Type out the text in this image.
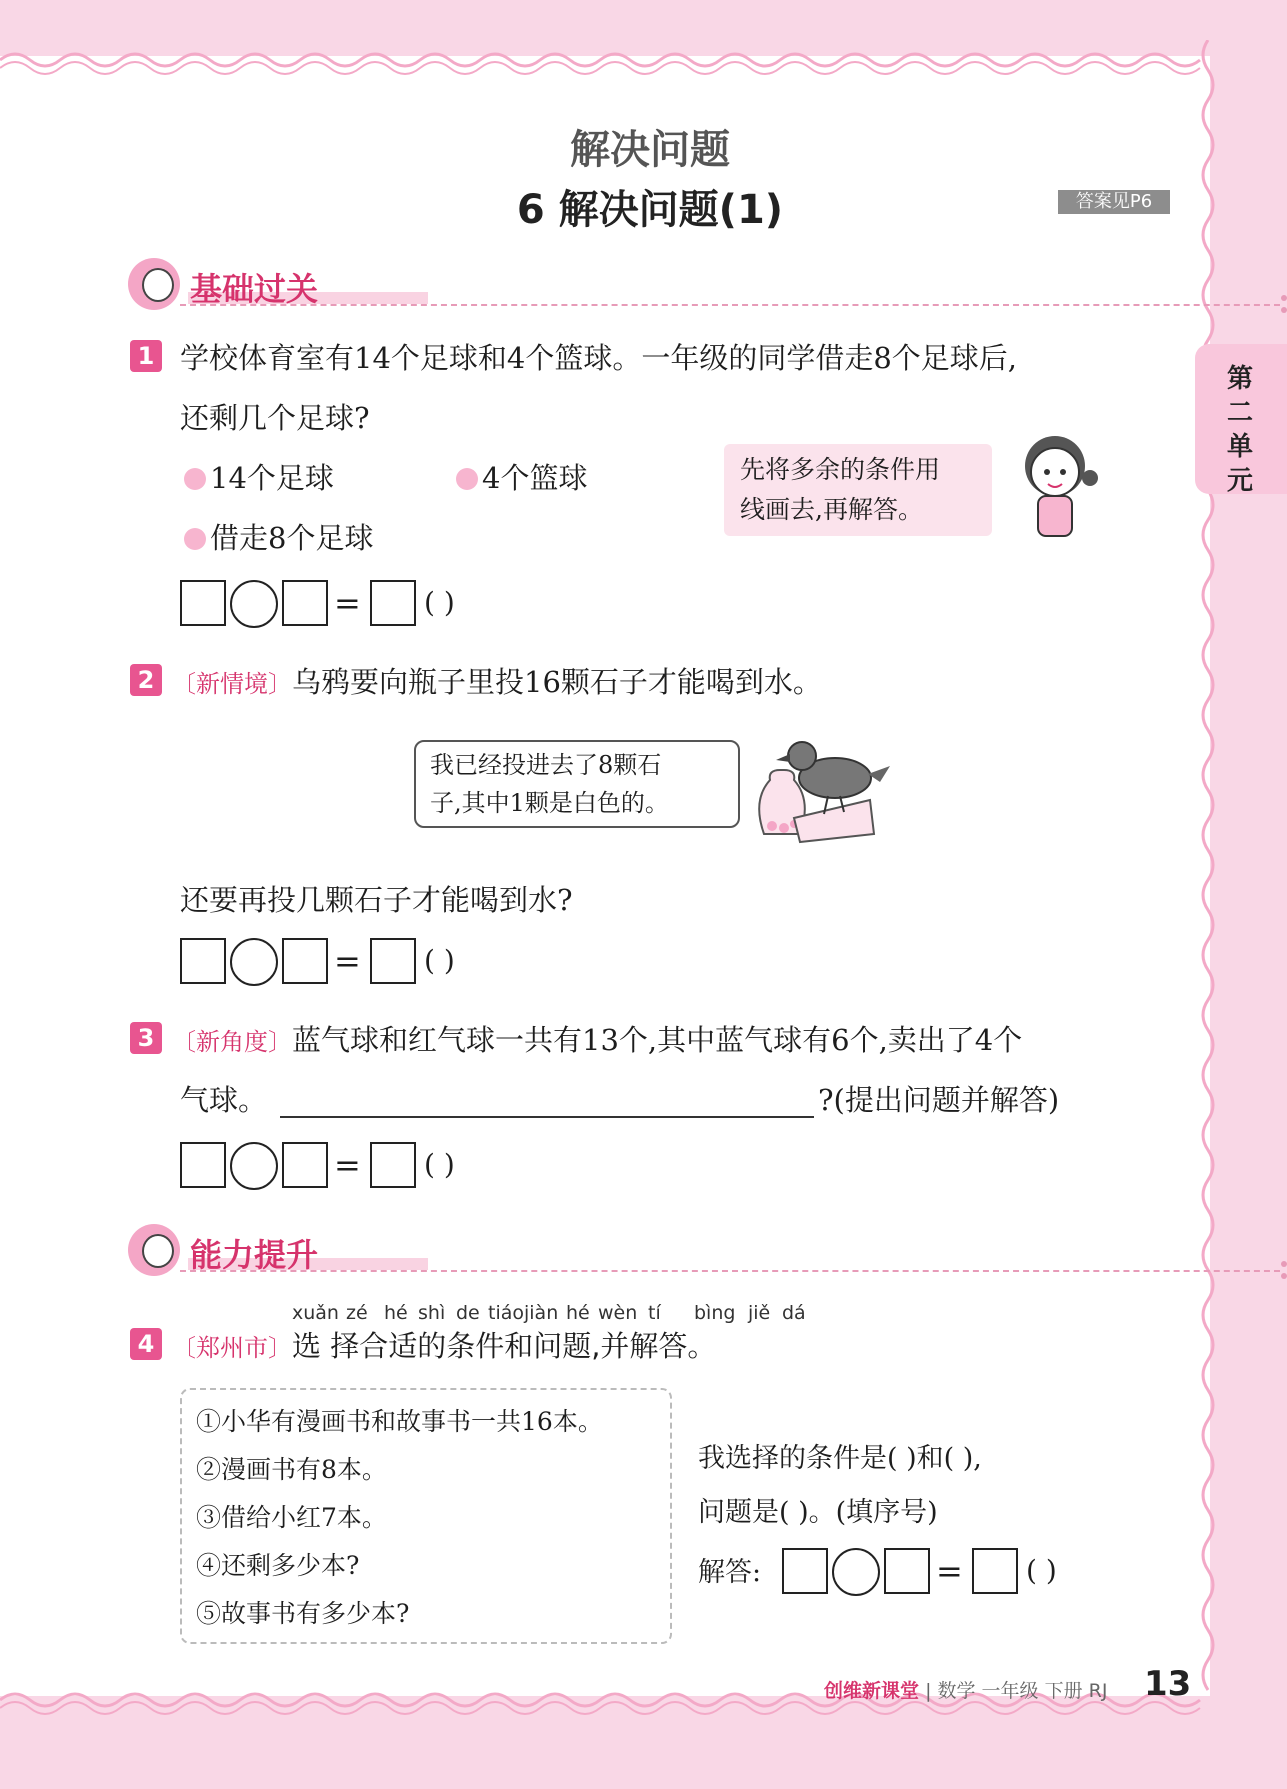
解决问题
6 解决问题(1)	答案见P6
第二单元
基础过关
1 学校体育室有14个足球和4个篮球。一年级的同学借走8个足球后,
还剩几个足球?
14个足球	4个篮球
借走8个足球
先将多余的条件用
线画去,再解答。
= ( )
2 〔新情境〕乌鸦要向瓶子里投16颗石子才能喝到水。
我已经投进去了8颗石
子,其中1颗是白色的。
还要再投几颗石子才能喝到水?
= ( )
3 〔新角度〕蓝气球和红气球一共有13个,其中蓝气球有6个,卖出了4个
气球。	?(提出问题并解答)
= ( )
能力提升
xuǎn zé hé shì de tiáo jiàn hé wèn tí bìng jiě dá
4 〔郑州市〕选 择合适的条件和问题,并解答。
①小华有漫画书和故事书一共16本。
②漫画书有8本。
③借给小红7本。
④还剩多少本?
⑤故事书有多少本?
我选择的条件是( )和( ),
问题是( )。(填序号)
解答:	= ( )
创维新课堂 | 数学 一年级 下册 RJ 13
